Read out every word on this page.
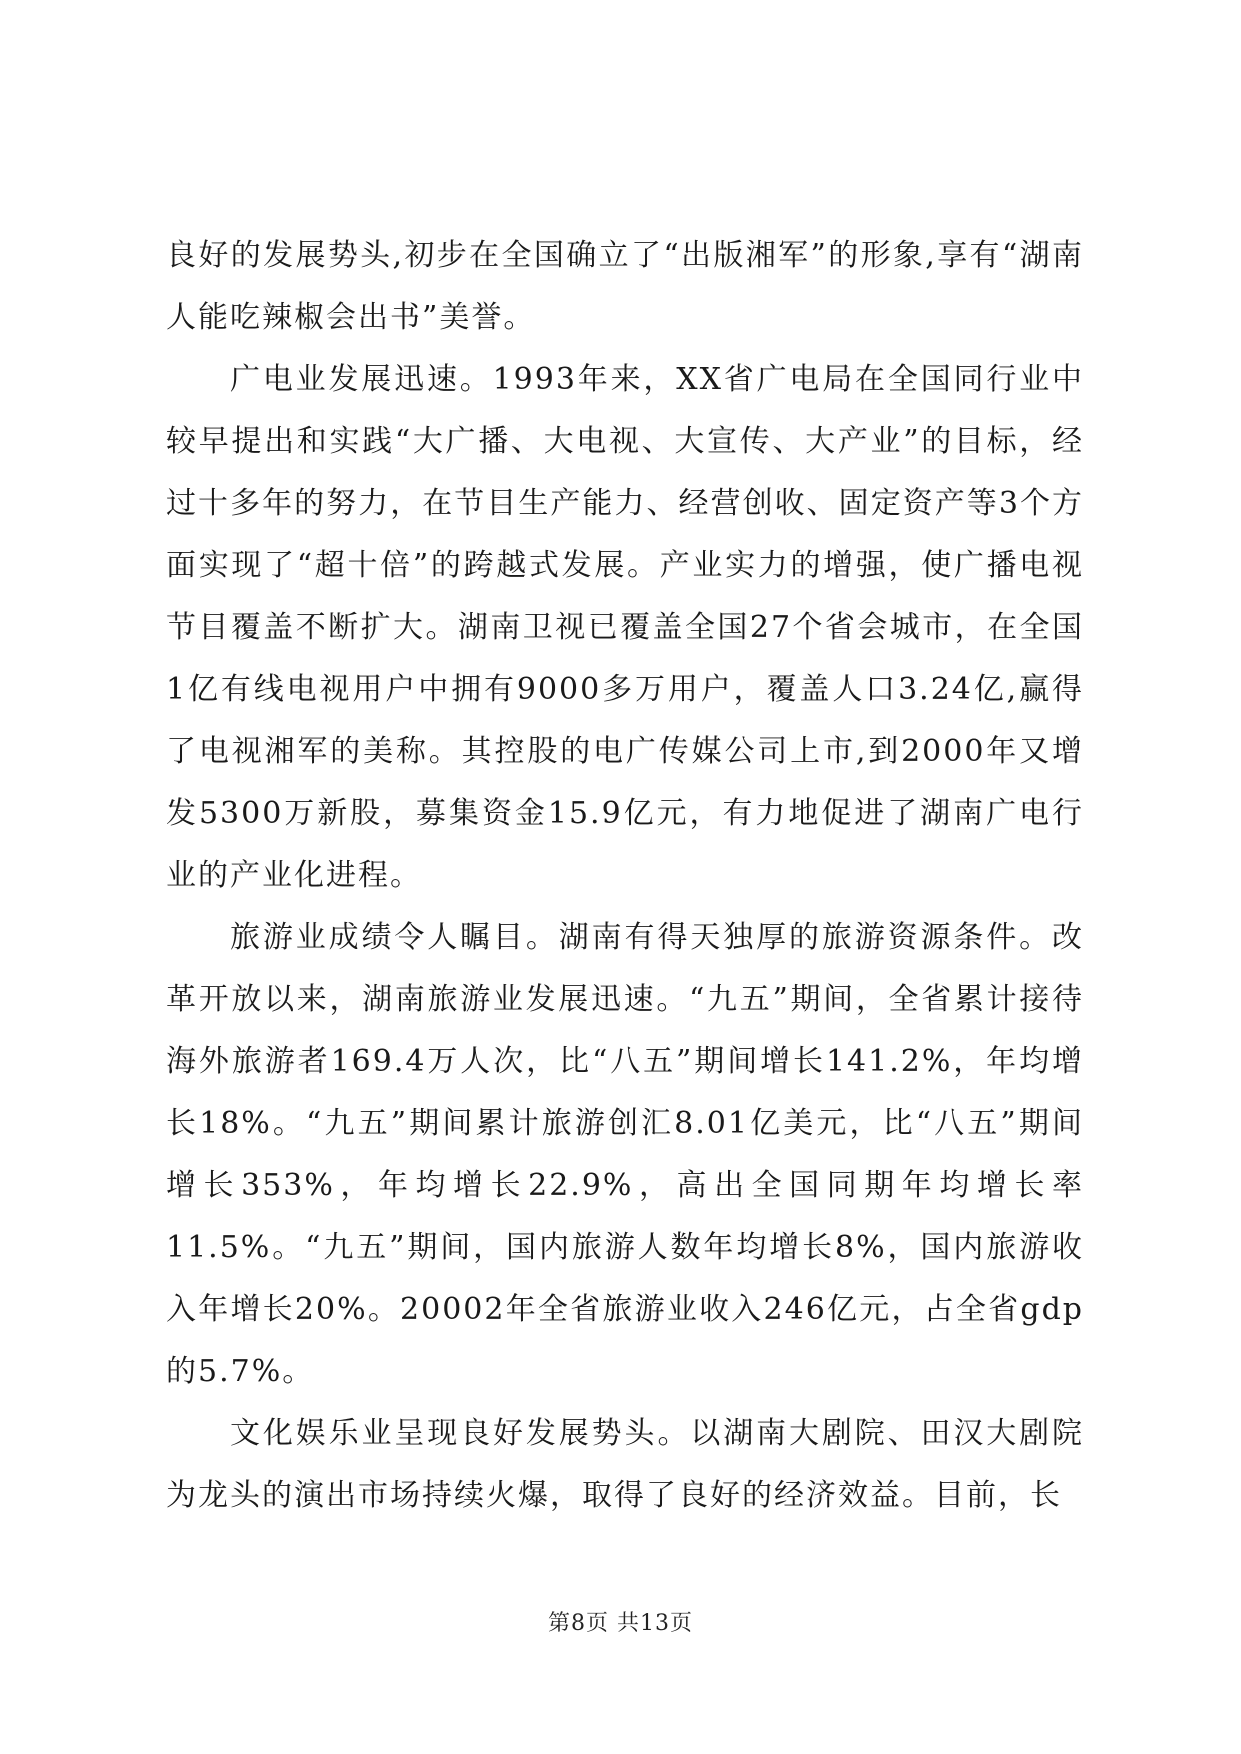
良好的发展势头,初步在全国确立了“出版湘军”的形象,享有“湖南人能吃辣椒会出书”美誉。

广电业发展迅速。1993年来，XX省广电局在全国同行业中较早提出和实践“大广播、大电视、大宣传、大产业”的目标，经过十多年的努力，在节目生产能力、经营创收、固定资产等3个方面实现了“超十倍”的跨越式发展。产业实力的增强，使广播电视节目覆盖不断扩大。湖南卫视已覆盖全国27个省会城市，在全国1亿有线电视用户中拥有9000多万用户，覆盖人口3.24亿,赢得了电视湘军的美称。其控股的电广传媒公司上市,到2000年又增发5300万新股，募集资金15.9亿元，有力地促进了湖南广电行业的产业化进程。

旅游业成绩令人瞩目。湖南有得天独厚的旅游资源条件。改革开放以来，湖南旅游业发展迅速。“九五”期间，全省累计接待海外旅游者169.4万人次，比“八五”期间增长141.2%，年均增长18%。“九五”期间累计旅游创汇8.01亿美元，比“八五”期间增长353%，年均增长22.9%，高出全国同期年均增长率11.5%。“九五”期间，国内旅游人数年均增长8%，国内旅游收入年增长20%。20002年全省旅游业收入246亿元，占全省gdp的5.7%。

文化娱乐业呈现良好发展势头。以湖南大剧院、田汉大剧院为龙头的演出市场持续火爆，取得了良好的经济效益。目前，长

第8页 共13页
